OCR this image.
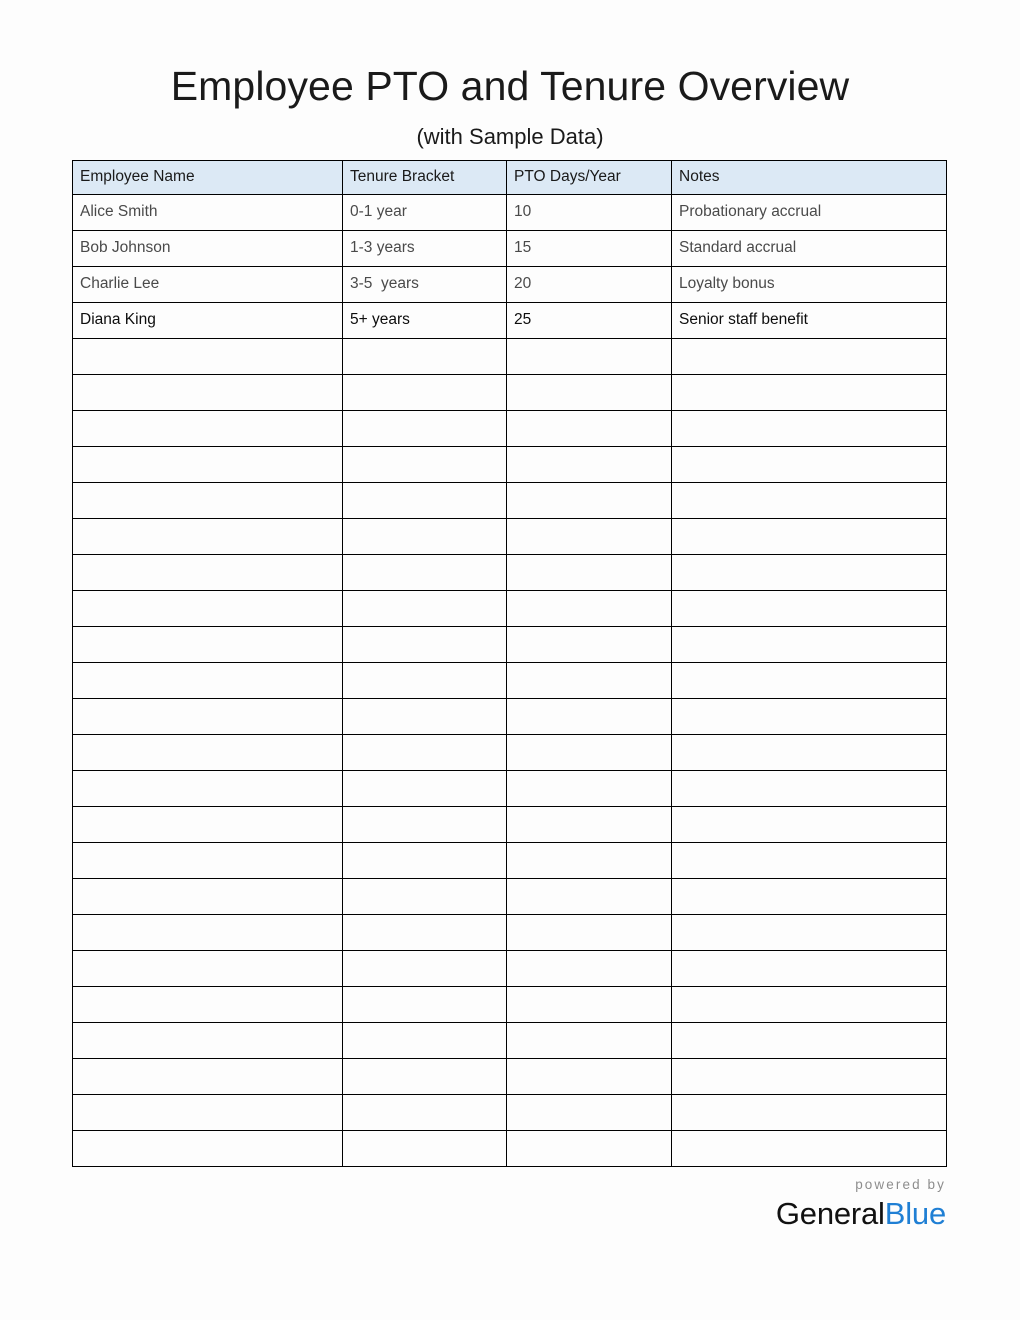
Employee PTO and Tenure Overview
(with Sample Data)
Employee Name	Tenure Bracket	PTO Days/Year	Notes
Alice Smith	0-1 year	10	Probationary accrual
Bob Johnson	1-3 years	15	Standard accrual
Charlie Lee	3-5  years	20	Loyalty bonus
Diana King	5+ years	25	Senior staff benefit

powered by
GeneralBlue
